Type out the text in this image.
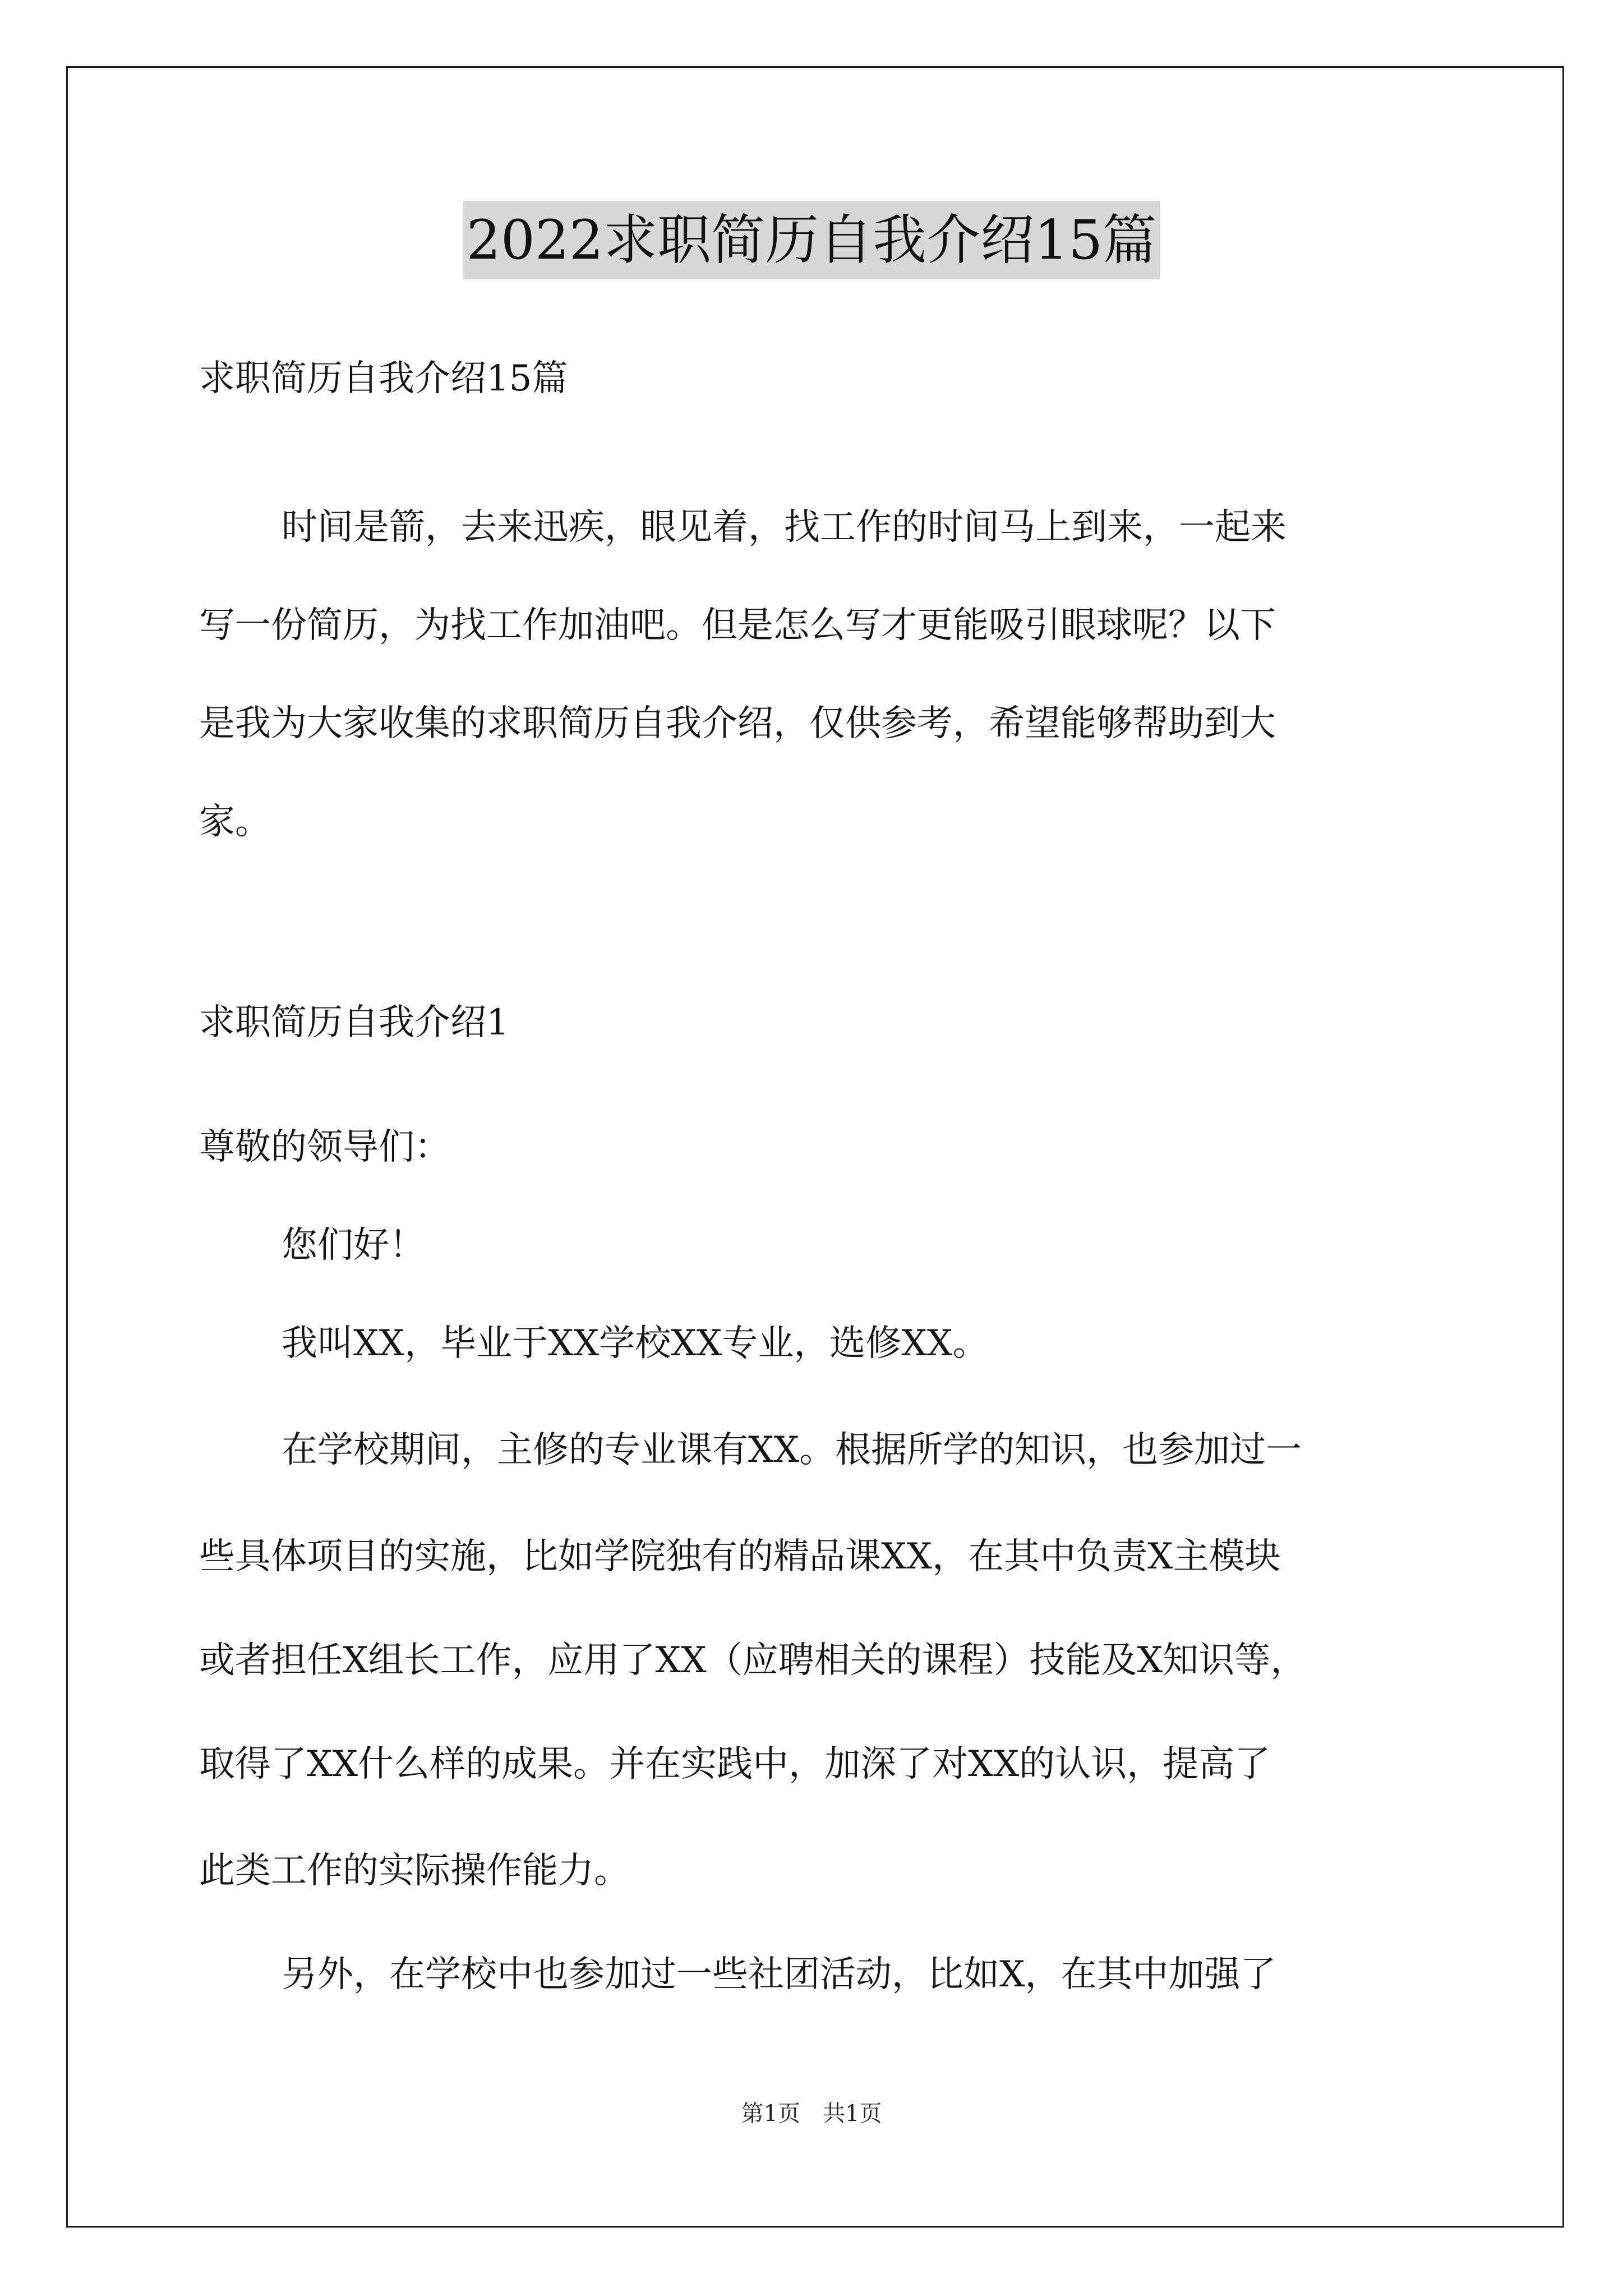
2022求职简历自我介绍15篇
求职简历自我介绍15篇
时间是箭，去来迅疾，眼见着，找工作的时间马上到来，一起来
写一份简历，为找工作加油吧。但是怎么写才更能吸引眼球呢？以下
是我为大家收集的求职简历自我介绍，仅供参考，希望能够帮助到大
家。
求职简历自我介绍1
尊敬的领导们：
您们好！
我叫XX，毕业于XX学校XX专业，选修XX。
在学校期间，主修的专业课有XX。根据所学的知识，也参加过一
些具体项目的实施，比如学院独有的精品课XX，在其中负责X主模块
或者担任X组长工作，应用了XX（应聘相关的课程）技能及X知识等，
取得了XX什么样的成果。并在实践中，加深了对XX的认识，提高了
此类工作的实际操作能力。
另外，在学校中也参加过一些社团活动，比如X，在其中加强了
第1页　共1页
